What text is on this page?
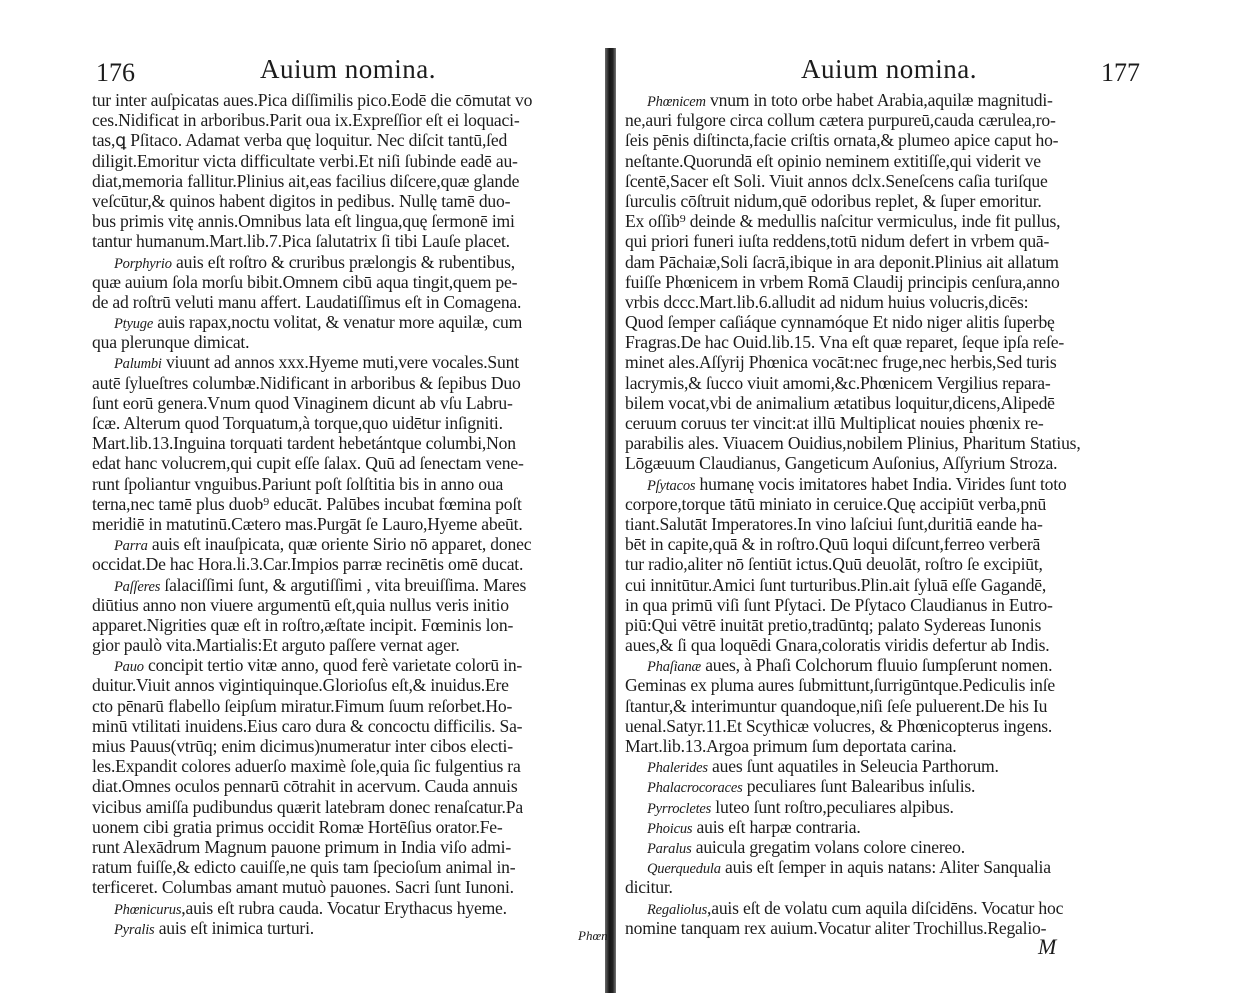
176	Auium nomina.
tur inter auſpicatas aues.Pica diſſimilis pico.Eodē die cōmutat vo
ces.Nidificat in arboribus.Parit oua ix.Expreſſior eſt ei loquaci-
tas,ꝗ Pſitaco. Adamat verba quę loquitur. Nec diſcit tantū,ſed
diligit.Emoritur victa difficultate verbi.Et niſi ſubinde eadē au-
diat,memoria fallitur.Plinius ait,eas facilius diſcere,quæ glande
veſcūtur,& quinos habent digitos in pedibus. Nullę tamē duo-
bus primis vitę annis.Omnibus lata eſt lingua,quę ſermonē imi
tantur humanum.Mart.lib.7.Pica ſalutatrix ſi tibi Lauſe placet.
Porphyrio auis eſt roſtro & cruribus prælongis & rubentibus,
quæ auium ſola morſu bibit.Omnem cibū aqua tingit,quem pe-
de ad roſtrū veluti manu affert. Laudatiſſimus eſt in Comagena.
Ptyuge auis rapax,noctu volitat, & venatur more aquilæ, cum
qua plerunque dimicat.
Palumbi viuunt ad annos xxx.Hyeme muti,vere vocales.Sunt
autē ſylueſtres columbæ.Nidificant in arboribus & ſepibus Duo
ſunt eorū genera.Vnum quod Vinaginem dicunt ab vſu Labru-
ſcæ. Alterum quod Torquatum,à torque,quo uidētur inſigniti.
Mart.lib.13.Inguina torquati tardent hebetántque columbi,Non
edat hanc volucrem,qui cupit eſſe ſalax. Quū ad ſenectam vene-
runt ſpoliantur vnguibus.Pariunt poſt ſolſtitia bis in anno oua
terna,nec tamē plus duob⁹ educāt. Palūbes incubat fœmina poſt
meridiē in matutinū.Cætero mas.Purgāt ſe Lauro,Hyeme abeūt.
Parra auis eſt inauſpicata, quæ oriente Sirio nō apparet, donec
occidat.De hac Hora.li.3.Car.Impios parræ recinētis omē ducat.
Paſſeres ſalaciſſimi ſunt, & argutiſſimi , vita breuiſſima. Mares
diūtius anno non viuere argumentū eſt,quia nullus veris initio
apparet.Nigrities quæ eſt in roſtro,æſtate incipit. Fœminis lon-
gior paulò vita.Martialis:Et arguto paſſere vernat ager.
Pauo concipit tertio vitæ anno, quod ferè varietate colorū in-
duitur.Viuit annos vigintiquinque.Glorioſus eſt,& inuidus.Ere
cto pēnarū flabello ſeipſum miratur.Fimum ſuum reſorbet.Ho-
minū vtilitati inuidens.Eius caro dura & concoctu difficilis. Sa-
mius Pauus(vtrūq; enim dicimus)numeratur inter cibos electi-
les.Expandit colores aduerſo maximè ſole,quia ſic fulgentius ra
diat.Omnes oculos pennarū cōtrahit in acervum. Cauda annuis
vicibus amiſſa pudibundus quærit latebram donec renaſcatur.Pa
uonem cibi gratia primus occidit Romæ Hortēſius orator.Fe-
runt Alexādrum Magnum pauone primum in India viſo admi-
ratum fuiſſe,& edicto cauiſſe,ne quis tam ſpecioſum animal in-
terficeret. Columbas amant mutuò pauones. Sacri ſunt Iunoni.
Phœnicurus,auis eſt rubra cauda. Vocatur Erythacus hyeme.
Pyralis auis eſt inimica turturi.
Auium nomina.	177
Phœnicem vnum in toto orbe habet Arabia,aquilæ magnitudi-
ne,auri fulgore circa collum cætera purpureū,cauda cærulea,ro-
ſeis pēnis diſtincta,facie criſtis ornata,& plumeo apice caput ho-
neſtante.Quorundā eſt opinio neminem extitiſſe,qui viderit ve
ſcentē,Sacer eſt Soli. Viuit annos dclx.Seneſcens caſia turiſque
ſurculis cōſtruit nidum,quē odoribus replet, & ſuper emoritur.
Ex oſſib⁹ deinde & medullis naſcitur vermiculus, inde fit pullus,
qui priori funeri iuſta reddens,totū nidum defert in vrbem quā-
dam Pāchaiæ,Soli ſacrā,ibique in ara deponit.Plinius ait allatum
fuiſſe Phœnicem in vrbem Romā Claudij principis cenſura,anno
vrbis dccc.Mart.lib.6.alludit ad nidum huius volucris,dicēs:
Quod ſemper caſiáque cynnamóque Et nido niger alitis ſuperbę
Fragras.De hac Ouid.lib.15. Vna eſt quæ reparet, ſeque ipſa reſe-
minet ales.Aſſyrij Phœnica vocāt:nec fruge,nec herbis,Sed turis
lacrymis,& ſucco viuit amomi,&c.Phœnicem Vergilius repara-
bilem vocat,vbi de animalium ætatibus loquitur,dicens,Alipedē
ceruum coruus ter vincit:at illū Multiplicat nouies phœnix re-
parabilis ales. Viuacem Ouidius,nobilem Plinius, Pharitum Statius,
Lōgæuum Claudianus, Gangeticum Auſonius, Aſſyrium Stroza.
Pſytacos humanę vocis imitatores habet India. Virides ſunt toto
corpore,torque tātū miniato in ceruice.Quę accipiūt verba,pnū
tiant.Salutāt Imperatores.In vino laſciui ſunt,duritiā eande ha-
bēt in capite,quā & in roſtro.Quū loqui diſcunt,ferreo verberā
tur radio,aliter nō ſentiūt ictus.Quū deuolāt, roſtro ſe excipiūt,
cui innitūtur.Amici ſunt turturibus.Plin.ait ſyluā eſſe Gagandē,
in qua primū viſi ſunt Pſytaci. De Pſytaco Claudianus in Eutro-
piū:Qui vētrē inuitāt pretio,tradūntq; palato Sydereas Iunonis
aues,& ſi qua loquēdi Gnara,coloratis viridis defertur ab Indis.
Phaſianæ aues, à Phaſi Colchorum fluuio ſumpſerunt nomen.
Geminas ex pluma aures ſubmittunt,ſurrigūntque.Pediculis inſe
ſtantur,& interimuntur quandoque,niſi ſeſe puluerent.De his Iu
uenal.Satyr.11.Et Scythicæ volucres, & Phœnicopterus ingens.
Mart.lib.13.Argoa primum ſum deportata carina.
Phalerides aues ſunt aquatiles in Seleucia Parthorum.
Phalacrocoraces peculiares ſunt Balearibus inſulis.
Pyrrocletes luteo ſunt roſtro,peculiares alpibus.
Phoicus auis eſt harpæ contraria.
Paralus auicula gregatim volans colore cinereo.
Querquedula auis eſt ſemper in aquis natans: Aliter Sanqualia
dicitur.
Regaliolus,auis eſt de volatu cum aquila diſcidēns. Vocatur hoc
nomine tanquam rex auium.Vocatur aliter Trochillus.Regalio-
Phœn	M
